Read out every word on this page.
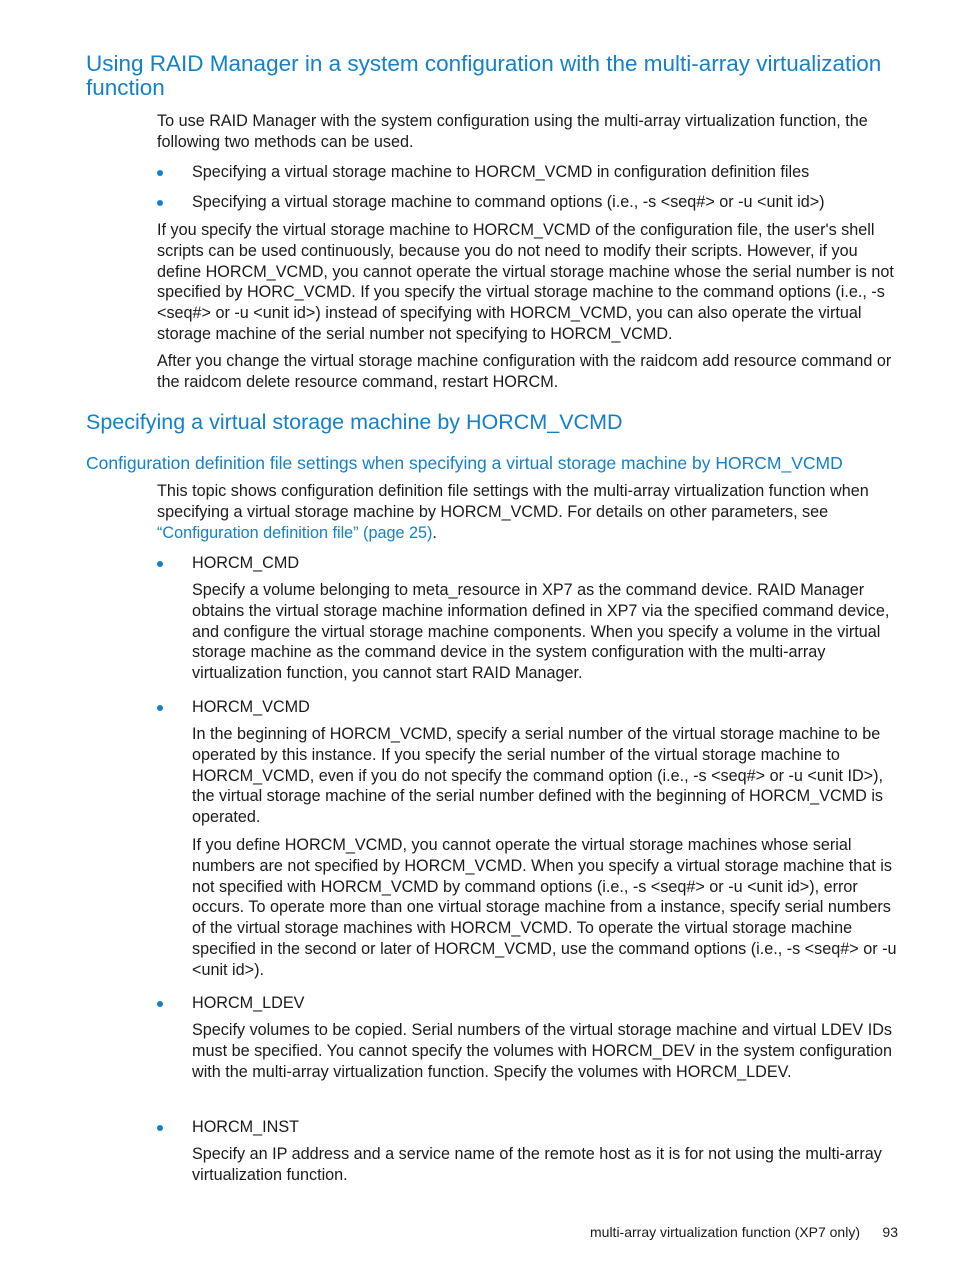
Using RAID Manager in a system configuration with the multi-array virtualization function

To use RAID Manager with the system configuration using the multi-array virtualization function, the following two methods can be used.

Specifying a virtual storage machine to HORCM_VCMD in configuration definition files

Specifying a virtual storage machine to command options (i.e., -s <seq#> or -u <unit id>)

If you specify the virtual storage machine to HORCM_VCMD of the configuration file, the user's shell scripts can be used continuously, because you do not need to modify their scripts. However, if you define HORCM_VCMD, you cannot operate the virtual storage machine whose the serial number is not specified by HORC_VCMD. If you specify the virtual storage machine to the command options (i.e., -s <seq#> or -u <unit id>) instead of specifying with HORCM_VCMD, you can also operate the virtual storage machine of the serial number not specifying to HORCM_VCMD.

After you change the virtual storage machine configuration with the raidcom add resource command or the raidcom delete resource command, restart HORCM.

Specifying a virtual storage machine by HORCM_VCMD
Configuration definition file settings when specifying a virtual storage machine by HORCM_VCMD

This topic shows configuration definition file settings with the multi-array virtualization function when specifying a virtual storage machine by HORCM_VCMD. For details on other parameters, see “Configuration definition file” (page 25).

HORCM_CMD

Specify a volume belonging to meta_resource in XP7 as the command device. RAID Manager obtains the virtual storage machine information defined in XP7 via the specified command device, and configure the virtual storage machine components. When you specify a volume in the virtual storage machine as the command device in the system configuration with the multi-array virtualization function, you cannot start RAID Manager.

HORCM_VCMD

In the beginning of HORCM_VCMD, specify a serial number of the virtual storage machine to be operated by this instance. If you specify the serial number of the virtual storage machine to HORCM_VCMD, even if you do not specify the command option (i.e., -s <seq#> or -u <unit ID>), the virtual storage machine of the serial number defined with the beginning of HORCM_VCMD is operated.

If you define HORCM_VCMD, you cannot operate the virtual storage machines whose serial numbers are not specified by HORCM_VCMD. When you specify a virtual storage machine that is not specified with HORCM_VCMD by command options (i.e., -s <seq#> or -u <unit id>), error occurs. To operate more than one virtual storage machine from a instance, specify serial numbers of the virtual storage machines with HORCM_VCMD. To operate the virtual storage machine specified in the second or later of HORCM_VCMD, use the command options (i.e., -s <seq#> or -u <unit id>).

HORCM_LDEV

Specify volumes to be copied. Serial numbers of the virtual storage machine and virtual LDEV IDs must be specified. You cannot specify the volumes with HORCM_DEV in the system configuration with the multi-array virtualization function. Specify the volumes with HORCM_LDEV.

HORCM_INST

Specify an IP address and a service name of the remote host as it is for not using the multi-array virtualization function.

multi-array virtualization function (XP7 only)	93
